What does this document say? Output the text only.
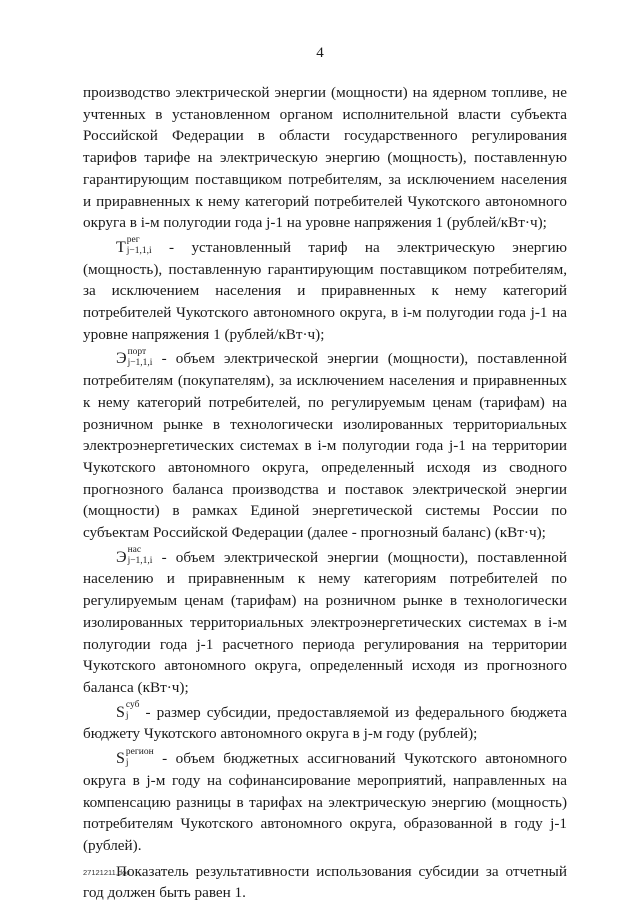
4

производство электрической энергии (мощности) на ядерном топливе, не учтенных в установленном органом исполнительной власти субъекта Российской Федерации в области государственного регулирования тарифов тарифе на электрическую энергию (мощность), поставленную гарантирующим поставщиком потребителям, за исключением населения и приравненных к нему категорий потребителей Чукотского автономного округа в i-м полугодии года j-1 на уровне напряжения 1 (рублей/кВт·ч);

T рег
j−1,1,i - установленный тариф на электрическую энергию (мощность), поставленную гарантирующим поставщиком потребителям, за исключением населения и приравненных к нему категорий потребителей Чукотского автономного округа, в i-м полугодии года j-1 на уровне напряжения 1 (рублей/кВт·ч);

Э порт
j−1,1,i - объем электрической энергии (мощности), поставленной потребителям (покупателям), за исключением населения и приравненных к нему категорий потребителей, по регулируемым ценам (тарифам) на розничном рынке в технологически изолированных территориальных электроэнергетических системах в i-м полугодии года j-1 на территории Чукотского автономного округа, определенный исходя из сводного прогнозного баланса производства и поставок электрической энергии (мощности) в рамках Единой энергетической системы России по субъектам Российской Федерации (далее - прогнозный баланс) (кВт·ч);

Э нас
j−1,1,i - объем электрической энергии (мощности), поставленной населению и приравненным к нему категориям потребителей по регулируемым ценам (тарифам) на розничном рынке в технологически изолированных территориальных электроэнергетических системах в i-м полугодии года j-1 расчетного периода регулирования на территории Чукотского автономного округа, определенный исходя из прогнозного баланса (кВт·ч);

S суб
j - размер субсидии, предоставляемой из федерального бюджета бюджету Чукотского автономного округа в j-м году (рублей);

S регион
j	- объем бюджетных ассигнований Чукотского автономного округа в j-м году на софинансирование мероприятий, направленных на компенсацию разницы в тарифах на электрическую энергию (мощность) потребителям Чукотского автономного округа, образованной в году j-1 (рублей).

Показатель результативности использования субсидии за отчетный год должен быть равен 1.

27121211.doc
